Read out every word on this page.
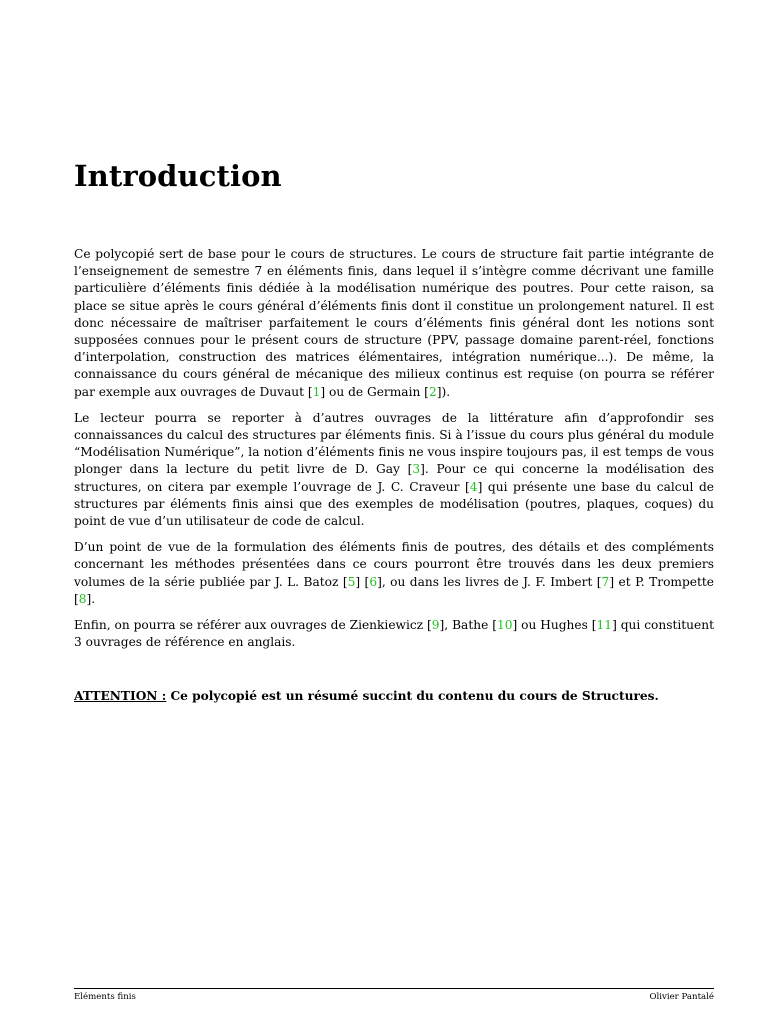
Introduction

Ce polycopié sert de base pour le cours de structures. Le cours de structure fait partie intégrante de l’enseignement de semestre 7 en éléments finis, dans lequel il s’intègre comme décrivant une famille particulière d’éléments finis dédiée à la modélisation numérique des poutres. Pour cette raison, sa place se situe après le cours général d’éléments finis dont il constitue un prolongement naturel. Il est donc nécessaire de maîtriser parfaitement le cours d’éléments finis général dont les notions sont supposées connues pour le présent cours de structure (PPV, passage domaine parent-réel, fonctions d’interpolation, construction des matrices élémentaires, intégration numérique...). De même, la connaissance du cours général de mécanique des milieux continus est requise (on pourra se référer par exemple aux ouvrages de Duvaut [1] ou de Germain [2]).

Le lecteur pourra se reporter à d’autres ouvrages de la littérature afin d’approfondir ses connaissances du calcul des structures par éléments finis. Si à l’issue du cours plus général du module “Modélisation Numérique”, la notion d’éléments finis ne vous inspire toujours pas, il est temps de vous plonger dans la lecture du petit livre de D. Gay [3]. Pour ce qui concerne la modélisation des structures, on citera par exemple l’ouvrage de J. C. Craveur [4] qui présente une base du calcul de structures par éléments finis ainsi que des exemples de modélisation (poutres, plaques, coques) du point de vue d’un utilisateur de code de calcul.

D’un point de vue de la formulation des éléments finis de poutres, des détails et des compléments concernant les méthodes présentées dans ce cours pourront être trouvés dans les deux premiers volumes de la série publiée par J. L. Batoz [5] [6], ou dans les livres de J. F. Imbert [7] et P. Trompette [8].

Enfin, on pourra se référer aux ouvrages de Zienkiewicz [9], Bathe [10] ou Hughes [11] qui constituent 3 ouvrages de référence en anglais.

ATTENTION : Ce polycopié est un résumé succint du contenu du cours de Structures.
Eléments finis	Olivier Pantalé
